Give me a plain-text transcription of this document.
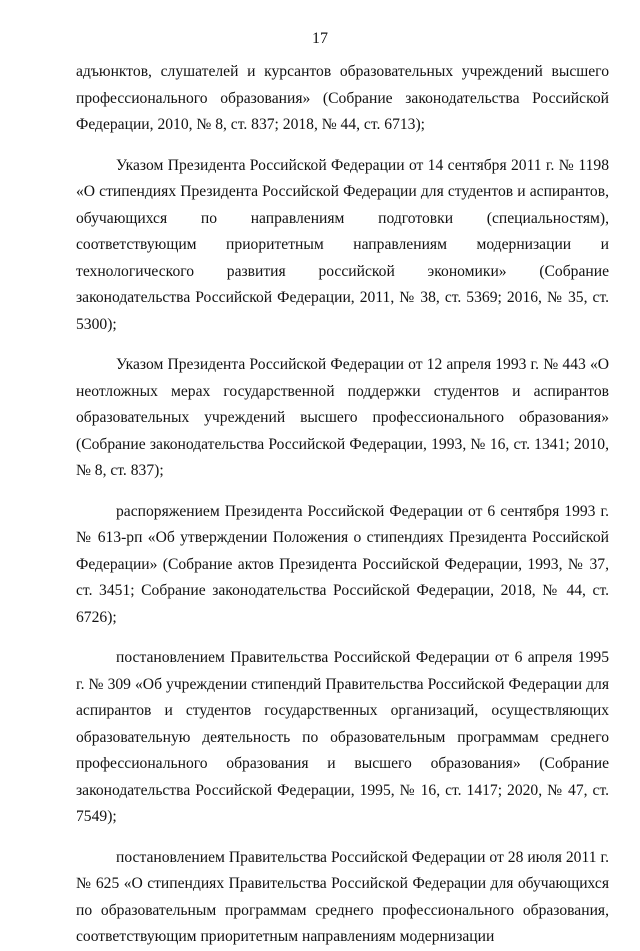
17

адъюнктов, слушателей и курсантов образовательных учреждений высшего профессионального образования» (Собрание законодательства Российской Федерации, 2010, № 8, ст. 837; 2018, № 44, ст. 6713);

Указом Президента Российской Федерации от 14 сентября 2011 г. № 1198 «О стипендиях Президента Российской Федерации для студентов и аспирантов, обучающихся по направлениям подготовки (специальностям), соответствующим приоритетным направлениям модернизации и технологического развития российской экономики» (Собрание законодательства Российской Федерации, 2011, № 38, ст. 5369; 2016, № 35, ст. 5300);

Указом Президента Российской Федерации от 12 апреля 1993 г. № 443 «О неотложных мерах государственной поддержки студентов и аспирантов образовательных учреждений высшего профессионального образования» (Собрание законодательства Российской Федерации, 1993, № 16, ст. 1341; 2010, № 8, ст. 837);

распоряжением Президента Российской Федерации от 6 сентября 1993 г. № 613-рп «Об утверждении Положения о стипендиях Президента Российской Федерации» (Собрание актов Президента Российской Федерации, 1993, № 37, ст. 3451; Собрание законодательства Российской Федерации, 2018, № 44, ст. 6726);

постановлением Правительства Российской Федерации от 6 апреля 1995 г. № 309 «Об учреждении стипендий Правительства Российской Федерации для аспирантов и студентов государственных организаций, осуществляющих образовательную деятельность по образовательным программам среднего профессионального образования и высшего образования» (Собрание законодательства Российской Федерации, 1995, № 16, ст. 1417; 2020, № 47, ст. 7549);

постановлением Правительства Российской Федерации от 28 июля 2011 г. № 625 «О стипендиях Правительства Российской Федерации для обучающихся по образовательным программам среднего профессионального образования, соответствующим приоритетным направлениям модернизации
